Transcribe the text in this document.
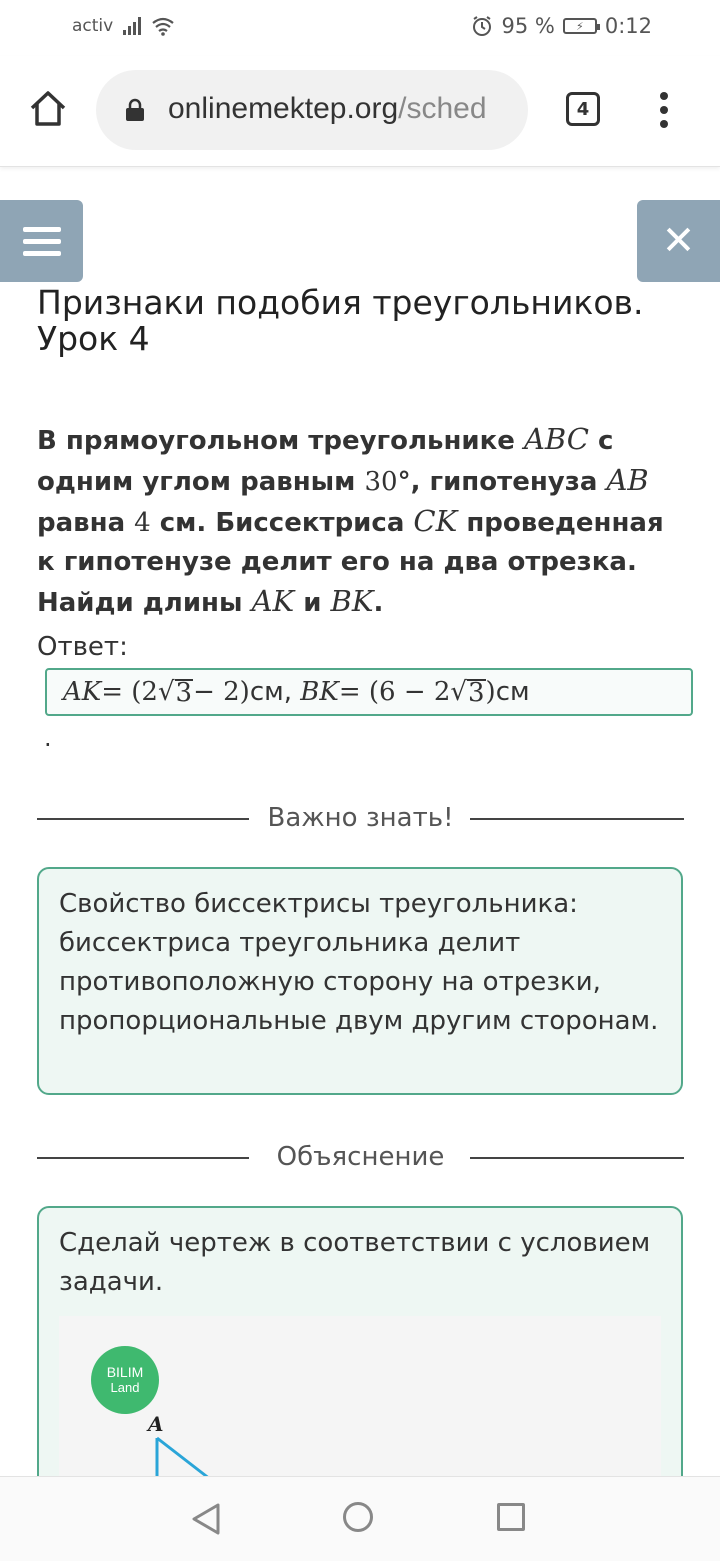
activ	95 %	⚡	0:12
onlinemektep.org/sched	4
✕
Признаки подобия треугольников. Урок 4
В прямоугольном треугольнике ABC с одним углом равным 30°, гипотенуза AB
равна 4 см. Биссектриса CK проведенная к гипотенузе делит его на два отрезка. Найди длины AK и BK.
Ответ:
AK = (2 √ 3 − 2) см,
BK = (6 − 2 √ 3 ) см
.
Важно знать!
Свойство биссектрисы треугольника: биссектриса треугольника делит противоположную сторону на отрезки, пропорциональные двум другим сторонам.
Объяснение
Сделай чертеж в соответствии с условием задачи.
BILIM
Land
A
